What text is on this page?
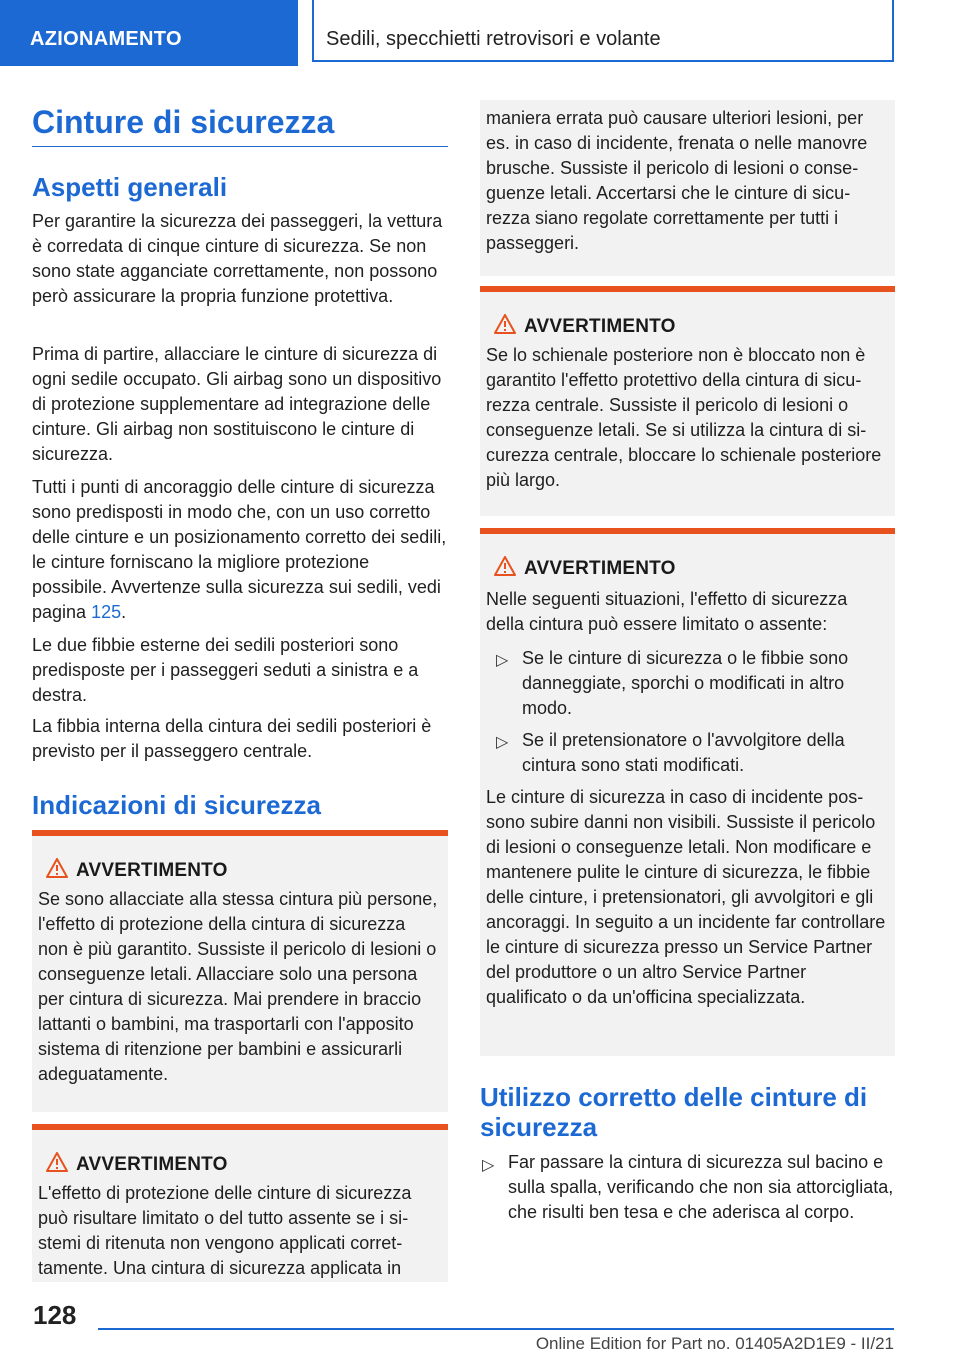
AZIONAMENTO	Sedili, specchietti retrovisori e volante
Cinture di sicurezza
Aspetti generali

Per garantire la sicurezza dei passeggeri, la vettura è corredata di cinque cinture di sicurezza. Se non sono state agganciate correttamente, non possono però assicurare la propria funzione protettiva.

Prima di partire, allacciare le cinture di sicurezza di ogni sedile occupato. Gli airbag sono un dispositivo di protezione supplementare ad integrazione delle cinture. Gli airbag non sostituiscono le cinture di sicurezza.

Tutti i punti di ancoraggio delle cinture di sicurezza sono predisposti in modo che, con un uso corretto delle cinture e un posizionamento corretto dei sedili, le cinture forniscano la migliore protezione possibile. Avvertenze sulla sicurezza sui sedili, vedi pagina 125.

Le due fibbie esterne dei sedili posteriori sono predisposte per i passeggeri seduti a sinistra e a destra.

La fibbia interna della cintura dei sedili posteriori è previsto per il passeggero centrale.

Indicazioni di sicurezza
AVVERTIMENTO

Se sono allacciate alla stessa cintura più persone, l'effetto di protezione della cintura di sicurezza non è più garantito. Sussiste il pericolo di lesioni o conseguenze letali. Allacciare solo una persona per cintura di sicurezza. Mai prendere in braccio lattanti o bambini, ma trasportarli con l'apposito sistema di ritenzione per bambini e assicurarli adeguatamente.

AVVERTIMENTO

L'effetto di protezione delle cinture di sicurezza può risultare limitato o del tutto assente se i sistemi di ritenuta non vengono applicati correttamente. Una cintura di sicurezza applicata in

maniera errata può causare ulteriori lesioni, per es. in caso di incidente, frenata o nelle manovre brusche. Sussiste il pericolo di lesioni o conseguenze letali. Accertarsi che le cinture di sicurezza siano regolate correttamente per tutti i passeggeri.

AVVERTIMENTO

Se lo schienale posteriore non è bloccato non è garantito l'effetto protettivo della cintura di sicurezza centrale. Sussiste il pericolo di lesioni o conseguenze letali. Se si utilizza la cintura di sicurezza centrale, bloccare lo schienale posteriore più largo.

AVVERTIMENTO

Nelle seguenti situazioni, l'effetto di sicurezza della cintura può essere limitato o assente:

▷ Se le cinture di sicurezza o le fibbie sono danneggiate, sporchi o modificati in altro modo.

▷ Se il pretensionatore o l'avvolgitore della cintura sono stati modificati.

Le cinture di sicurezza in caso di incidente possono subire danni non visibili. Sussiste il pericolo di lesioni o conseguenze letali. Non modificare e mantenere pulite le cinture di sicurezza, le fibbie delle cinture, i pretensionatori, gli avvolgitori e gli ancoraggi. In seguito a un incidente far controllare le cinture di sicurezza presso un Service Partner del produttore o un altro Service Partner qualificato o da un'officina specializzata.

Utilizzo corretto delle cinture di sicurezza
▷ Far passare la cintura di sicurezza sul bacino e sulla spalla, verificando che non sia attorcigliata, che risulti ben tesa e che aderisca al corpo.

128
Online Edition for Part no. 01405A2D1E9 - II/21
